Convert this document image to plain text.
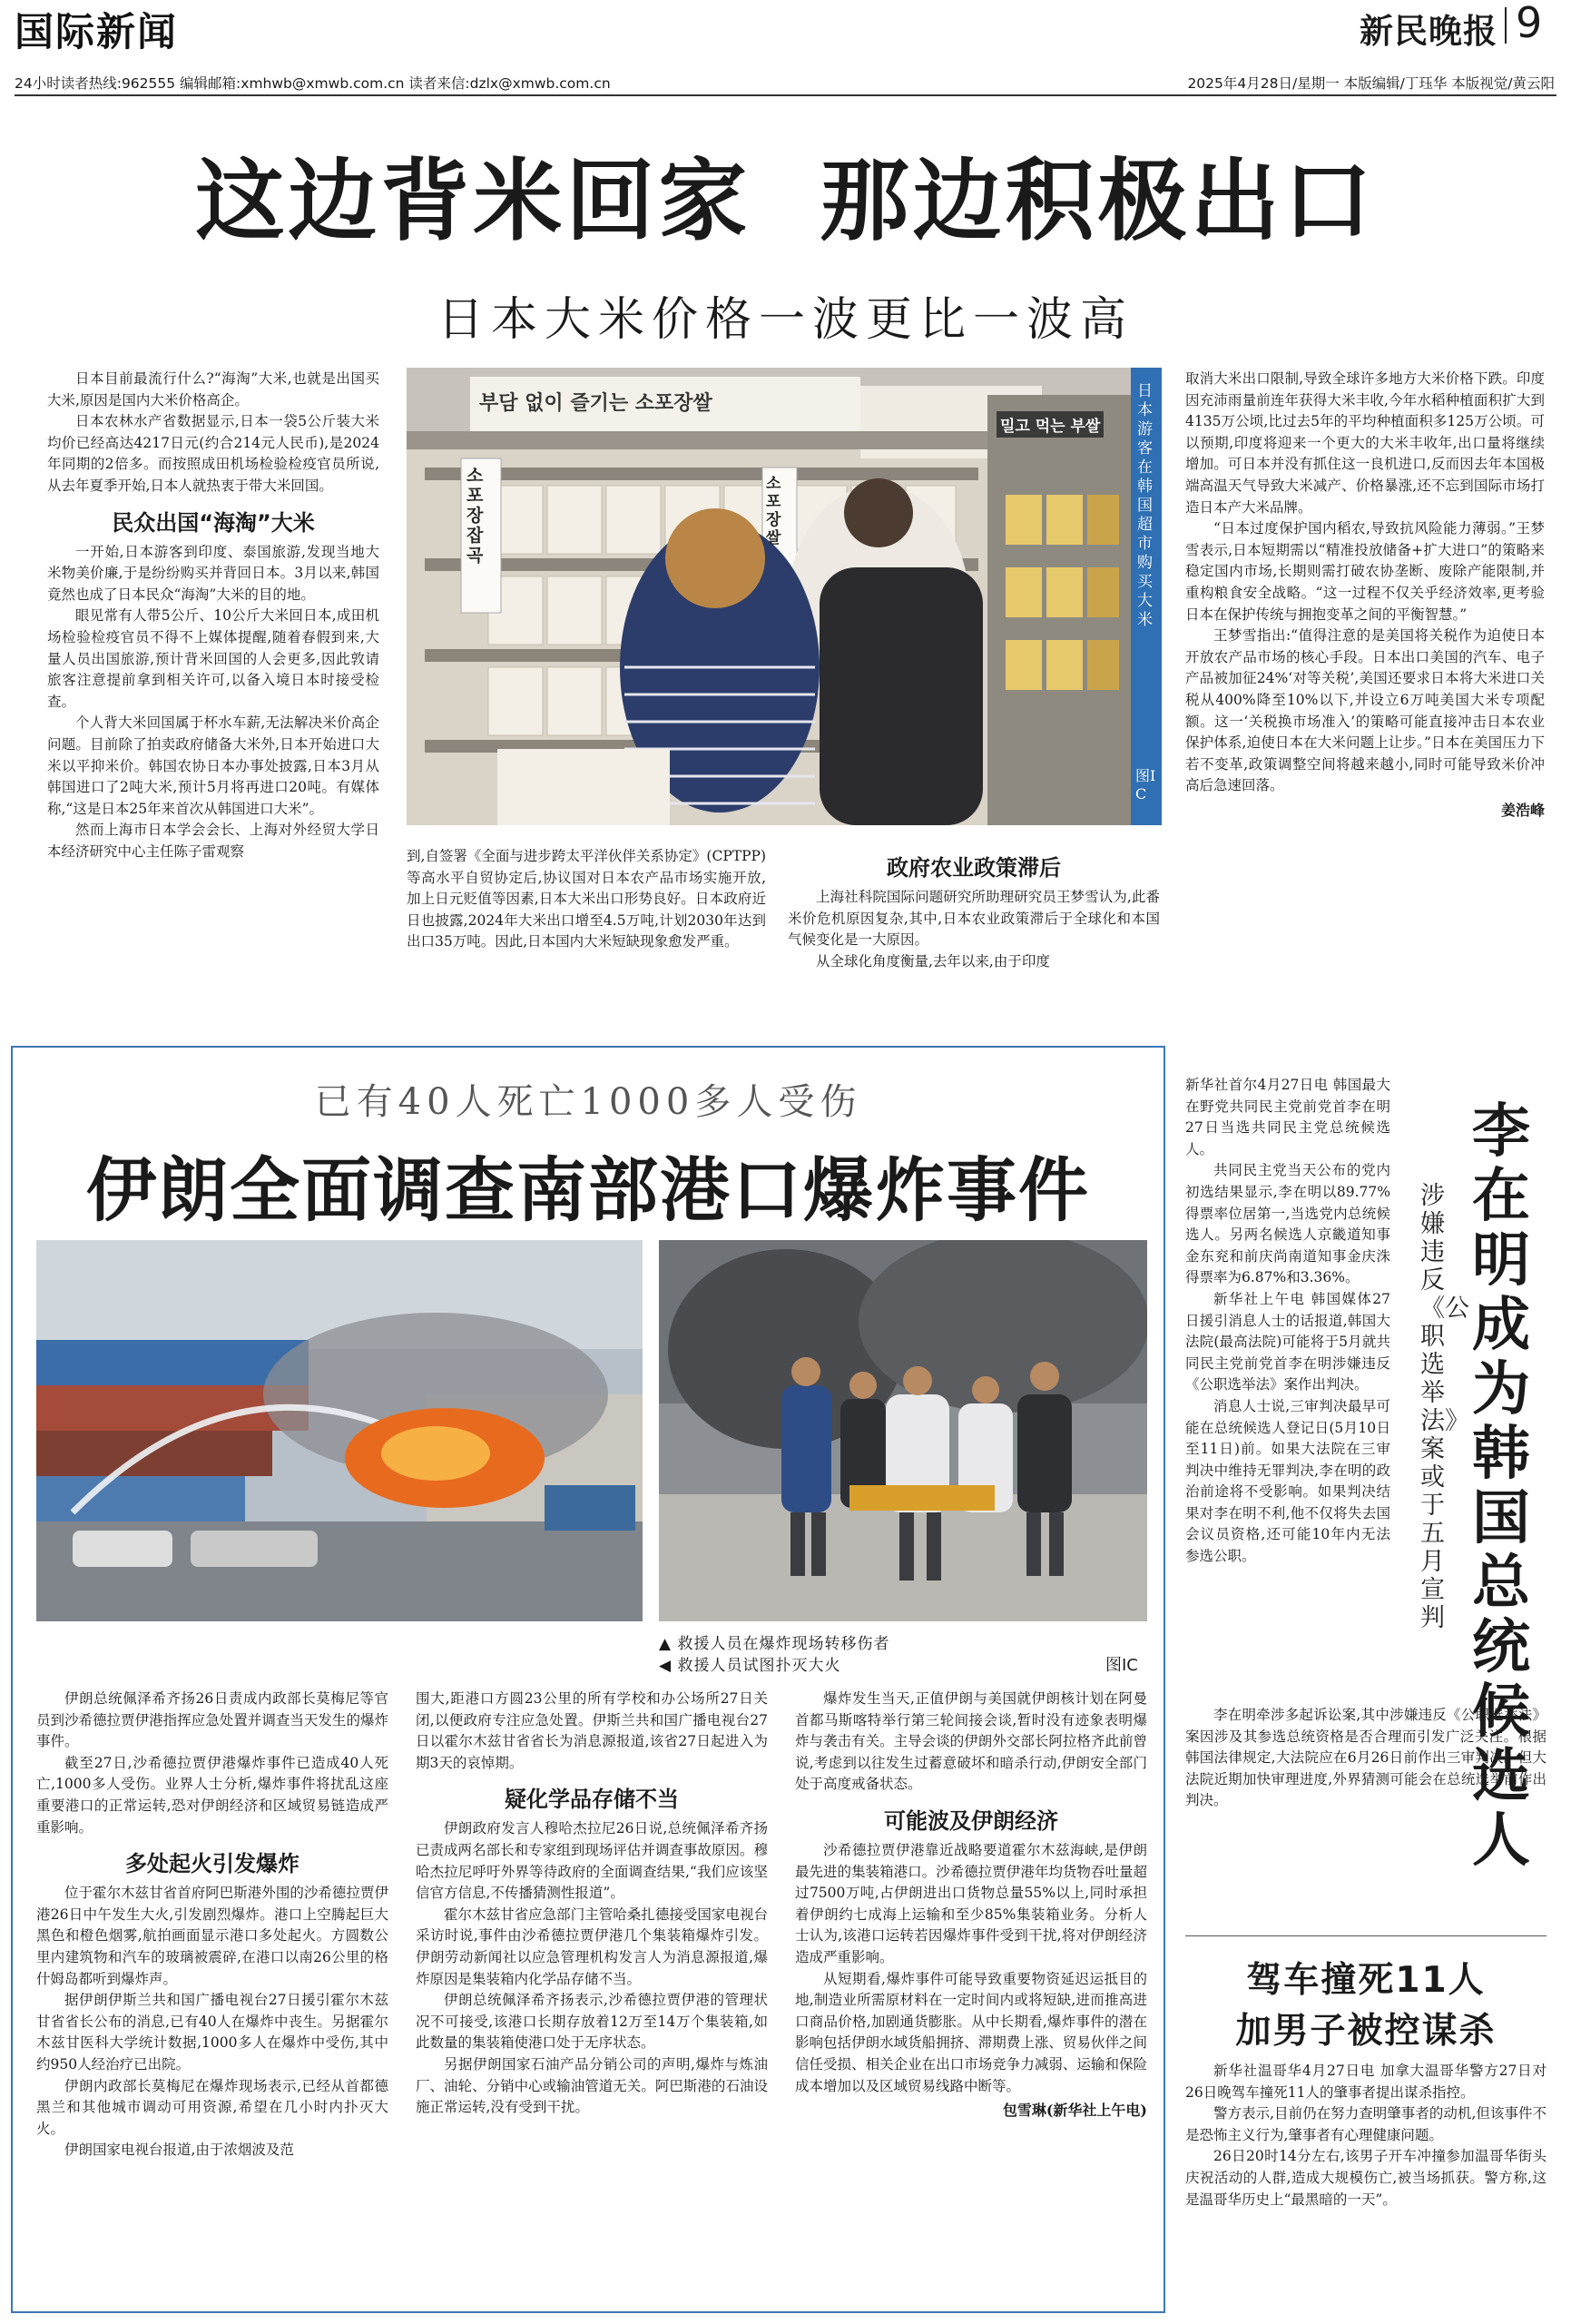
国际新闻	新民晚报 9
24小时读者热线:962555 编辑邮箱:xmhwb@xmwb.com.cn 读者来信:dzlx@xmwb.com.cn	2025年4月28日/星期一 本版编辑/丁珏华 本版视觉/黄云阳
这边背米回家  那边积极出口
日本大米价格一波更比一波高

日本目前最流行什么?“海淘”大米,也就是出国买大米,原因是国内大米价格高企。

日本农林水产省数据显示,日本一袋5公斤装大米均价已经高达4217日元(约合214元人民币),是2024年同期的2倍多。而按照成田机场检验检疫官员所说,从去年夏季开始,日本人就热衷于带大米回国。

民众出国“海淘”大米

一开始,日本游客到印度、泰国旅游,发现当地大米物美价廉,于是纷纷购买并背回日本。3月以来,韩国竟然也成了日本民众“海淘”大米的目的地。

眼见常有人带5公斤、10公斤大米回日本,成田机场检验检疫官员不得不上媒体提醒,随着春假到来,大量人员出国旅游,预计背米回国的人会更多,因此敦请旅客注意提前拿到相关许可,以备入境日本时接受检查。

个人背大米回国属于杯水车薪,无法解决米价高企问题。目前除了拍卖政府储备大米外,日本开始进口大米以平抑米价。韩国农协日本办事处披露,日本3月从韩国进口了2吨大米,预计5月将再进口20吨。有媒体称,“这是日本25年来首次从韩国进口大米”。

然而上海市日本学会会长、上海对外经贸大学日本经济研究中心主任陈子雷观察

부담 없이 즐기는 소포장쌀
밀고 먹는 부쌀
소포장 잡곡
소포장쌀
日本游客在韩国超市购买大米
图IC

到,自签署《全面与进步跨太平洋伙伴关系协定》(CPTPP)等高水平自贸协定后,协议国对日本农产品市场实施开放,加上日元贬值等因素,日本大米出口形势良好。日本政府近日也披露,2024年大米出口增至4.5万吨,计划2030年达到出口35万吨。因此,日本国内大米短缺现象愈发严重。

政府农业政策滞后

上海社科院国际问题研究所助理研究员王梦雪认为,此番米价危机原因复杂,其中,日本农业政策滞后于全球化和本国气候变化是一大原因。

从全球化角度衡量,去年以来,由于印度

取消大米出口限制,导致全球许多地方大米价格下跌。印度因充沛雨量前连年获得大米丰收,今年水稻种植面积扩大到4135万公顷,比过去5年的平均种植面积多125万公顷。可以预期,印度将迎来一个更大的大米丰收年,出口量将继续增加。可日本并没有抓住这一良机进口,反而因去年本国极端高温天气导致大米减产、价格暴涨,还不忘到国际市场打造日本产大米品牌。

“日本过度保护国内稻农,导致抗风险能力薄弱。”王梦雪表示,日本短期需以“精准投放储备+扩大进口”的策略来稳定国内市场,长期则需打破农协垄断、废除产能限制,并重构粮食安全战略。“这一过程不仅关乎经济效率,更考验日本在保护传统与拥抱变革之间的平衡智慧。”

王梦雪指出:“值得注意的是美国将关税作为迫使日本开放农产品市场的核心手段。日本出口美国的汽车、电子产品被加征24%‘对等关税’,美国还要求日本将大米进口关税从400%降至10%以下,并设立6万吨美国大米专项配额。这一‘关税换市场准入’的策略可能直接冲击日本农业保护体系,迫使日本在大米问题上让步。”日本在美国压力下若不变革,政策调整空间将越来越小,同时可能导致米价冲高后急速回落。

姜浩峰
已有40人死亡1000多人受伤
伊朗全面调查南部港口爆炸事件
▲ 救援人员在爆炸现场转移伤者
◀ 救援人员试图扑灭大火	图IC

伊朗总统佩泽希齐扬26日责成内政部长莫梅尼等官员到沙希德拉贾伊港指挥应急处置并调查当天发生的爆炸事件。

截至27日,沙希德拉贾伊港爆炸事件已造成40人死亡,1000多人受伤。业界人士分析,爆炸事件将扰乱这座重要港口的正常运转,恐对伊朗经济和区域贸易链造成严重影响。

多处起火引发爆炸

位于霍尔木兹甘省首府阿巴斯港外围的沙希德拉贾伊港26日中午发生大火,引发剧烈爆炸。港口上空腾起巨大黑色和橙色烟雾,航拍画面显示港口多处起火。方圆数公里内建筑物和汽车的玻璃被震碎,在港口以南26公里的格什姆岛都听到爆炸声。

据伊朗伊斯兰共和国广播电视台27日援引霍尔木兹甘省省长公布的消息,已有40人在爆炸中丧生。另据霍尔木兹甘医科大学统计数据,1000多人在爆炸中受伤,其中约950人经治疗已出院。

伊朗内政部长莫梅尼在爆炸现场表示,已经从首都德黑兰和其他城市调动可用资源,希望在几小时内扑灭大火。

伊朗国家电视台报道,由于浓烟波及范

围大,距港口方圆23公里的所有学校和办公场所27日关闭,以便政府专注应急处置。伊斯兰共和国广播电视台27日以霍尔木兹甘省省长为消息源报道,该省27日起进入为期3天的哀悼期。

疑化学品存储不当

伊朗政府发言人穆哈杰拉尼26日说,总统佩泽希齐扬已责成两名部长和专家组到现场评估并调查事故原因。穆哈杰拉尼呼吁外界等待政府的全面调查结果,“我们应该坚信官方信息,不传播猜测性报道”。

霍尔木兹甘省应急部门主管哈桑扎德接受国家电视台采访时说,事件由沙希德拉贾伊港几个集装箱爆炸引发。伊朗劳动新闻社以应急管理机构发言人为消息源报道,爆炸原因是集装箱内化学品存储不当。

伊朗总统佩泽希齐扬表示,沙希德拉贾伊港的管理状况不可接受,该港口长期存放着12万至14万个集装箱,如此数量的集装箱使港口处于无序状态。

另据伊朗国家石油产品分销公司的声明,爆炸与炼油厂、油轮、分销中心或输油管道无关。阿巴斯港的石油设施正常运转,没有受到干扰。

爆炸发生当天,正值伊朗与美国就伊朗核计划在阿曼首都马斯喀特举行第三轮间接会谈,暂时没有迹象表明爆炸与袭击有关。主导会谈的伊朗外交部长阿拉格齐此前曾说,考虑到以往发生过蓄意破坏和暗杀行动,伊朗安全部门处于高度戒备状态。

可能波及伊朗经济

沙希德拉贾伊港靠近战略要道霍尔木兹海峡,是伊朗最先进的集装箱港口。沙希德拉贾伊港年均货物吞吐量超过7500万吨,占伊朗进出口货物总量55%以上,同时承担着伊朗约七成海上运输和至少85%集装箱业务。分析人士认为,该港口运转若因爆炸事件受到干扰,将对伊朗经济造成严重影响。

从短期看,爆炸事件可能导致重要物资延迟运抵目的地,制造业所需原材料在一定时间内或将短缺,进而推高进口商品价格,加剧通货膨胀。从中长期看,爆炸事件的潜在影响包括伊朗水域货船拥挤、滞期费上涨、贸易伙伴之间信任受损、相关企业在出口市场竞争力减弱、运输和保险成本增加以及区域贸易线路中断等。

包雪琳(新华社上午电)

新华社首尔4月27日电 韩国最大在野党共同民主党前党首李在明27日当选共同民主党总统候选人。

共同民主党当天公布的党内初选结果显示,李在明以89.77%得票率位居第一,当选党内总统候选人。另两名候选人京畿道知事金东兖和前庆尚南道知事金庆洙得票率为6.87%和3.36%。

新华社上午电 韩国媒体27日援引消息人士的话报道,韩国大法院(最高法院)可能将于5月就共同民主党前党首李在明涉嫌违反《公职选举法》案作出判决。

消息人士说,三审判决最早可能在总统候选人登记日(5月10日至11日)前。如果大法院在三审判决中维持无罪判决,李在明的政治前途将不受影响。如果判决结果对李在明不利,他不仅将失去国会议员资格,还可能10年内无法参选公职。

李在明牵涉多起诉讼案,其中涉嫌违反《公职选举法》案因涉及其参选总统资格是否合理而引发广泛关注。根据韩国法律规定,大法院应在6月26日前作出三审判决。但大法院近期加快审理进度,外界猜测可能会在总统选举前作出判决。

涉嫌违反《公职选举法》案或于五月宣判
李在明成为韩国总统候选人
驾车撞死11人
加男子被控谋杀

新华社温哥华4月27日电 加拿大温哥华警方27日对26日晚驾车撞死11人的肇事者提出谋杀指控。

警方表示,目前仍在努力查明肇事者的动机,但该事件不是恐怖主义行为,肇事者有心理健康问题。

26日20时14分左右,该男子开车冲撞参加温哥华街头庆祝活动的人群,造成大规模伤亡,被当场抓获。警方称,这是温哥华历史上“最黑暗的一天”。
